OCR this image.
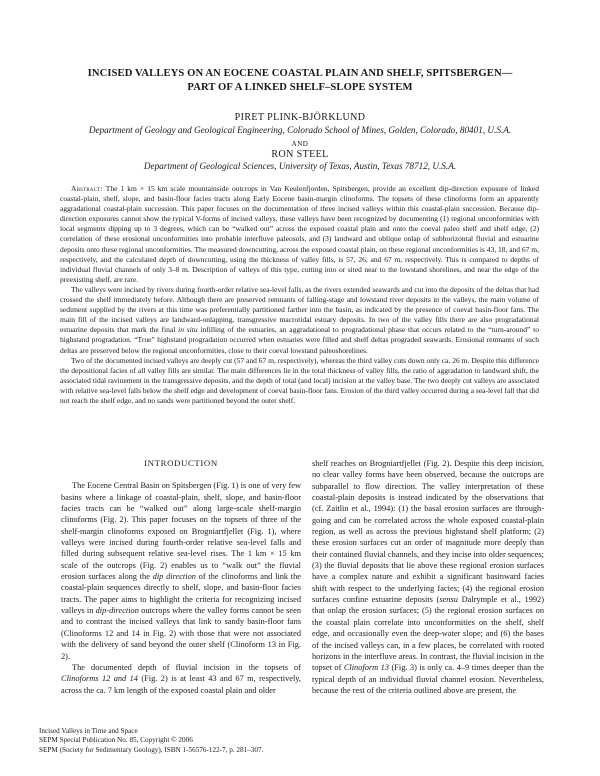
INCISED VALLEYS ON AN EOCENE COASTAL PLAIN AND SHELF, SPITSBERGEN—
PART OF A LINKED SHELF–SLOPE SYSTEM
PIRET PLINK-BJÖRKLUND
Department of Geology and Geological Engineering, Colorado School of Mines, Golden, Colorado, 80401, U.S.A.
AND
RON STEEL
Department of Geological Sciences, University of Texas, Austin, Texas 78712, U.S.A.

Abstract: The 1 km × 15 km scale mountainside outcrops in Van Keulenfjorden, Spitsbergen, provide an excellent dip-direction exposure of linked coastal-plain, shelf, slope, and basin-floor facies tracts along Early Eocene basin-margin clinoforms. The topsets of these clinoforms form an apparently aggradational coastal-plain succession. This paper focuses on the documentation of three incised valleys within this coastal-plain succession. Because dip-direction exposures cannot show the typical V-forms of incised valleys, these valleys have been recognized by documenting (1) regional unconformities with local segments dipping up to 3 degrees, which can be “walked out” across the exposed coastal plain and onto the coeval paleo shelf and shelf edge, (2) correlation of these erosional unconformities into probable interfluve paleosols, and (3) landward and oblique onlap of subhorizontal fluvial and estuarine deposits onto these regional unconformities. The measured downcutting, across the exposed coastal plain, on these regional unconformities is 43, 18, and 67 m, respectively, and the calculated depth of downcutting, using the thickness of valley fills, is 57, 26, and 67 m, respectively. This is compared to depths of individual fluvial channels of only 3–8 m. Description of valleys of this type, cutting into or sited near to the lowstand shorelines, and near the edge of the preexisting shelf, are rare.

The valleys were incised by rivers during fourth-order relative sea-level falls, as the rivers extended seawards and cut into the deposits of the deltas that had crossed the shelf immediately before. Although there are preserved remnants of falling-stage and lowstand river deposits in the valleys, the main volume of sediment supplied by the rivers at this time was preferentially partitioned farther into the basin, as indicated by the presence of coeval basin-floor fans. The main fill of the incised valleys are landward-onlapping, transgressive macrotidal estuary deposits. In two of the valley fills there are also progradational estuarine deposits that mark the final in situ infilling of the estuaries, an aggradational to progradational phase that occurs related to the “turn-around” to highstand progradation. “True” highstand progradation occurred when estuaries were filled and shelf deltas prograded seawards. Erosional remnants of such deltas are preserved below the regional unconformities, close to their coeval lowstand paleoshorelines.

Two of the documented incised valleys are deeply cut (57 and 67 m, respectively), whereas the third valley cuts down only ca. 26 m. Despite this difference the depositional facies of all valley fills are similar. The main differences lie in the total thickness of valley fills, the ratio of aggradation to landward shift, the associated tidal ravinement in the transgressive deposits, and the depth of total (and local) incision at the valley base. The two deeply cut valleys are associated with relative sea-level falls below the shelf edge and development of coeval basin-floor fans. Erosion of the third valley occurred during a sea-level fall that did not reach the shelf edge, and no sands were partitioned beyond the outer shelf.

INTRODUCTION

The Eocene Central Basin on Spitsbergen (Fig. 1) is one of very few basins where a linkage of coastal-plain, shelf, slope, and basin-floor facies tracts can be “walked out” along large-scale shelf-margin clinoforms (Fig. 2). This paper focuses on the topsets of three of the shelf-margin clinoforms exposed on Brogniartfjellet (Fig. 1), where valleys were incised during fourth-order relative sea-level falls and filled during subsequent relative sea-level rises. The 1 km × 15 km scale of the outcrops (Fig. 2) enables us to “walk out” the fluvial erosion surfaces along the dip direction of the clinoforms and link the coastal-plain sequences directly to shelf, slope, and basin-floor facies tracts. The paper aims to highlight the criteria for recognizing incised valleys in dip-direction outcrops where the valley forms cannot be seen and to contrast the incised valleys that link to sandy basin-floor fans (Clinoforms 12 and 14 in Fig. 2) with those that were not associated with the delivery of sand beyond the outer shelf (Clinoform 13 in Fig. 2).

The documented depth of fluvial incision in the topsets of Clinoforms 12 and 14 (Fig. 2) is at least 43 and 67 m, respectively, across the ca. 7 km length of the exposed coastal plain and older

shelf reaches on Brogniartfjellet (Fig. 2). Despite this deep incision, no clear valley forms have been observed, because the outcrops are subparallel to flow direction. The valley interpretation of these coastal-plain deposits is instead indicated by the observations that (cf. Zaitlin et al., 1994): (1) the basal erosion surfaces are through-going and can be correlated across the whole exposed coastal-plain region, as well as across the previous highstand shelf platform; (2) these erosion surfaces cut an order of magnitude more deeply than their contained fluvial channels, and they incise into older sequences; (3) the fluvial deposits that lie above these regional erosion surfaces have a complex nature and exhibit a significant basinward facies shift with respect to the underlying facies; (4) the regional erosion surfaces confine estuarine deposits (sensu Dalrymple et al., 1992) that onlap the erosion surfaces; (5) the regional erosion surfaces on the coastal plain correlate into unconformities on the shelf, shelf edge, and occasionally even the deep-water slope; and (6) the bases of the incised valleys can, in a few places, be correlated with rooted horizons in the interfluve areas. In contrast, the fluvial incision in the topset of Clinoform 13 (Fig. 3) is only ca. 4–9 times deeper than the typical depth of an individual fluvial channel erosion. Nevertheless, because the rest of the criteria outlined above are present, the

Incised Valleys in Time and Space
SEPM Special Publication No. 85, Copyright © 2006
SEPM (Society for Sedimentary Geology), ISBN 1-56576-122-7, p. 281–307.
